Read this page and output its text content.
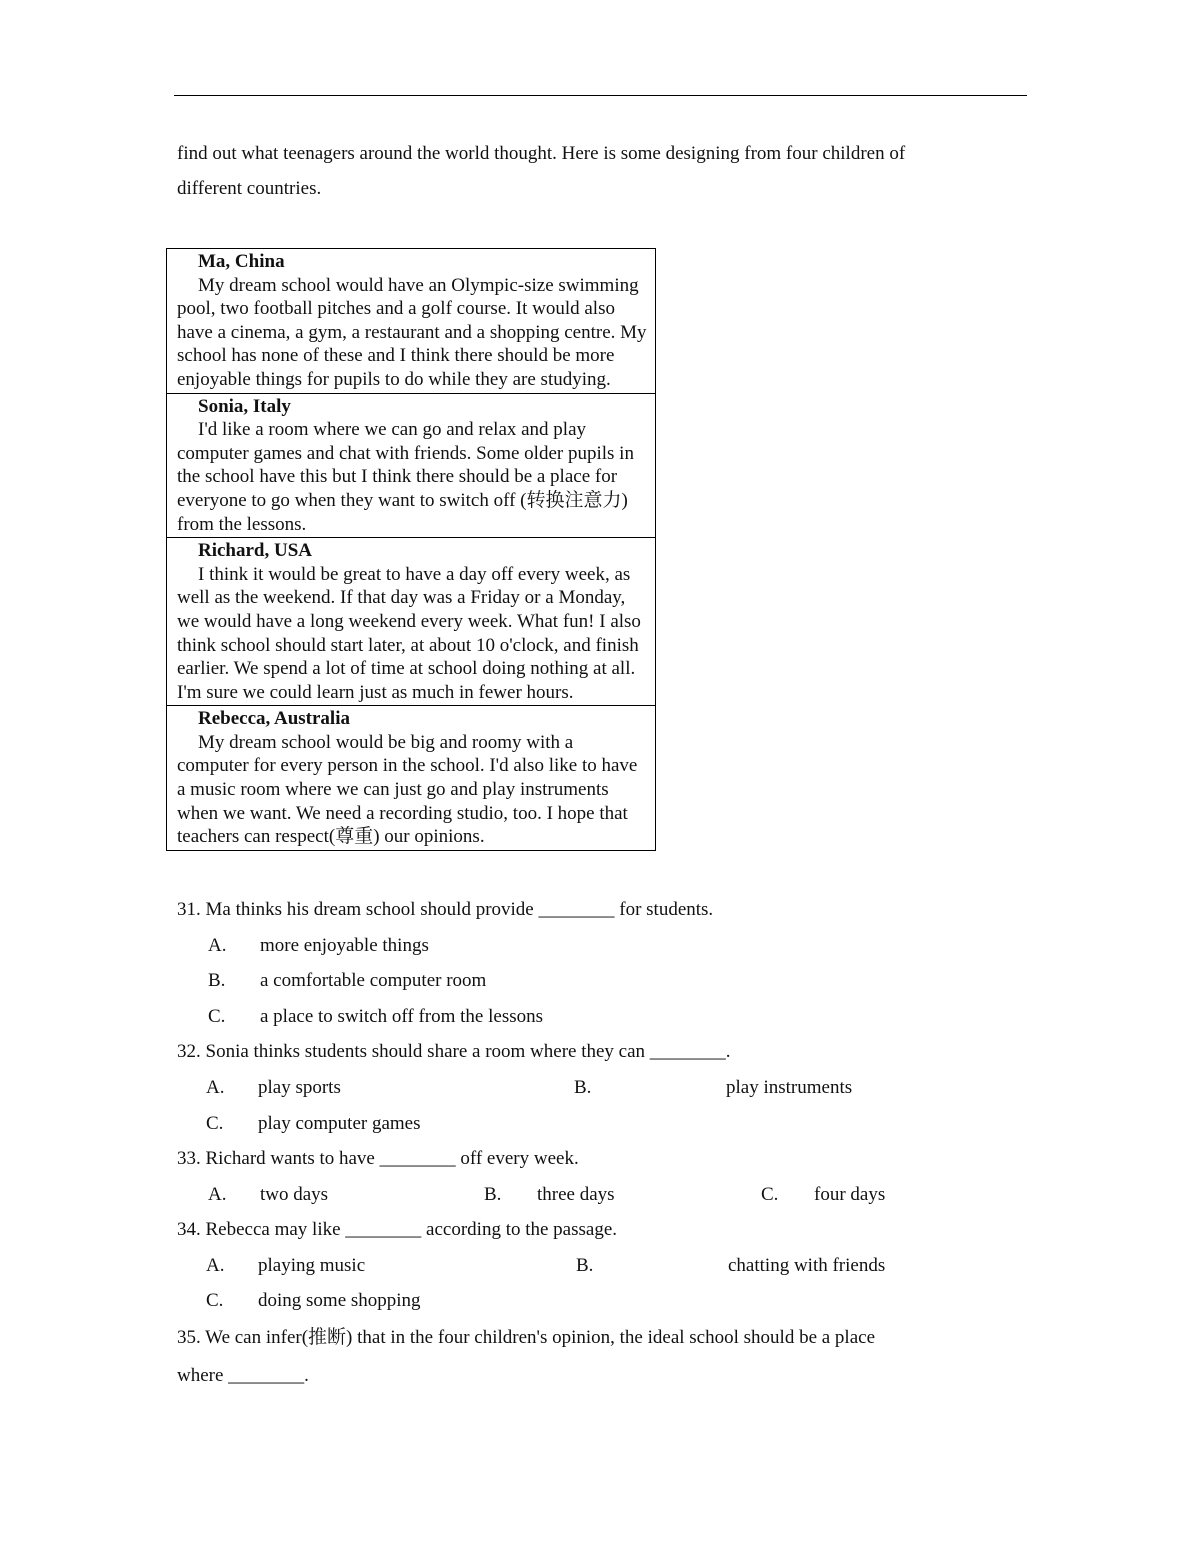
find out what teenagers around the world thought. Here is some designing from four children of
different countries.
Ma, China
My dream school would have an Olympic-size swimming pool, two football pitches and a golf course. It would also have a cinema, a gym, a restaurant and a shopping centre. My school has none of these and I think there should be more enjoyable things for pupils to do while they are studying.
Sonia, Italy
I'd like a room where we can go and relax and play computer games and chat with friends. Some older pupils in the school have this but I think there should be a place for everyone to go when they want to switch off (转换注意力) from the lessons.
Richard, USA
I think it would be great to have a day off every week, as well as the weekend. If that day was a Friday or a Monday, we would have a long weekend every week. What fun! I also think school should start later, at about 10 o'clock, and finish earlier. We spend a lot of time at school doing nothing at all. I'm sure we could learn just as much in fewer hours.
Rebecca, Australia
My dream school would be big and roomy with a computer for every person in the school. I'd also like to have a music room where we can just go and play instruments when we want. We need a recording studio, too. I hope that teachers can respect(尊重) our opinions.
31. Ma thinks his dream school should provide ________ for students.
A. more enjoyable things
B. a comfortable computer room
C. a place to switch off from the lessons
32. Sonia thinks students should share a room where they can ________.
A. play sports	B.	play instruments
C. play computer games
33. Richard wants to have ________ off every week.
A. two days	B. three days	C. four days
34. Rebecca may like ________ according to the passage.
A. playing music	B.	chatting with friends
C. doing some shopping
35. We can infer(推断) that in the four children's opinion, the ideal school should be a place
where ________.
